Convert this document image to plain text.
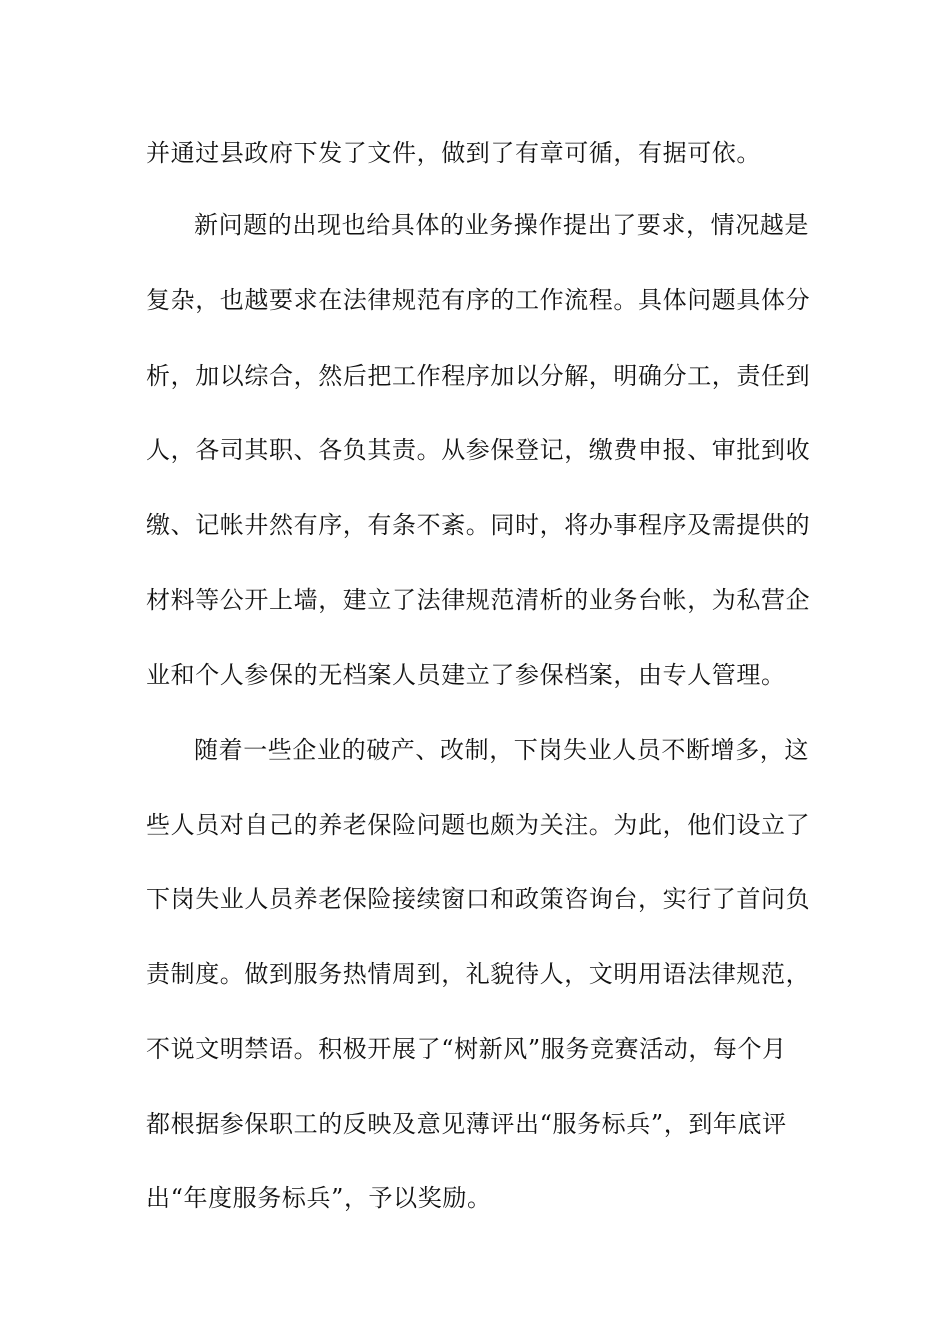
并通过县政府下发了文件，做到了有章可循，有据可依。
新问题的出现也给具体的业务操作提出了要求，情况越是
复杂，也越要求在法律规范有序的工作流程。具体问题具体分
析，加以综合，然后把工作程序加以分解，明确分工，责任到
人，各司其职、各负其责。从参保登记，缴费申报、审批到收
缴、记帐井然有序，有条不紊。同时，将办事程序及需提供的
材料等公开上墙，建立了法律规范清析的业务台帐，为私营企
业和个人参保的无档案人员建立了参保档案，由专人管理。
随着一些企业的破产、改制，下岗失业人员不断增多，这
些人员对自己的养老保险问题也颇为关注。为此，他们设立了
下岗失业人员养老保险接续窗口和政策咨询台，实行了首问负
责制度。做到服务热情周到，礼貌待人，文明用语法律规范，
不说文明禁语。积极开展了“树新风”服务竞赛活动，每个月
都根据参保职工的反映及意见薄评出“服务标兵”，到年底评
出“年度服务标兵”，予以奖励。
